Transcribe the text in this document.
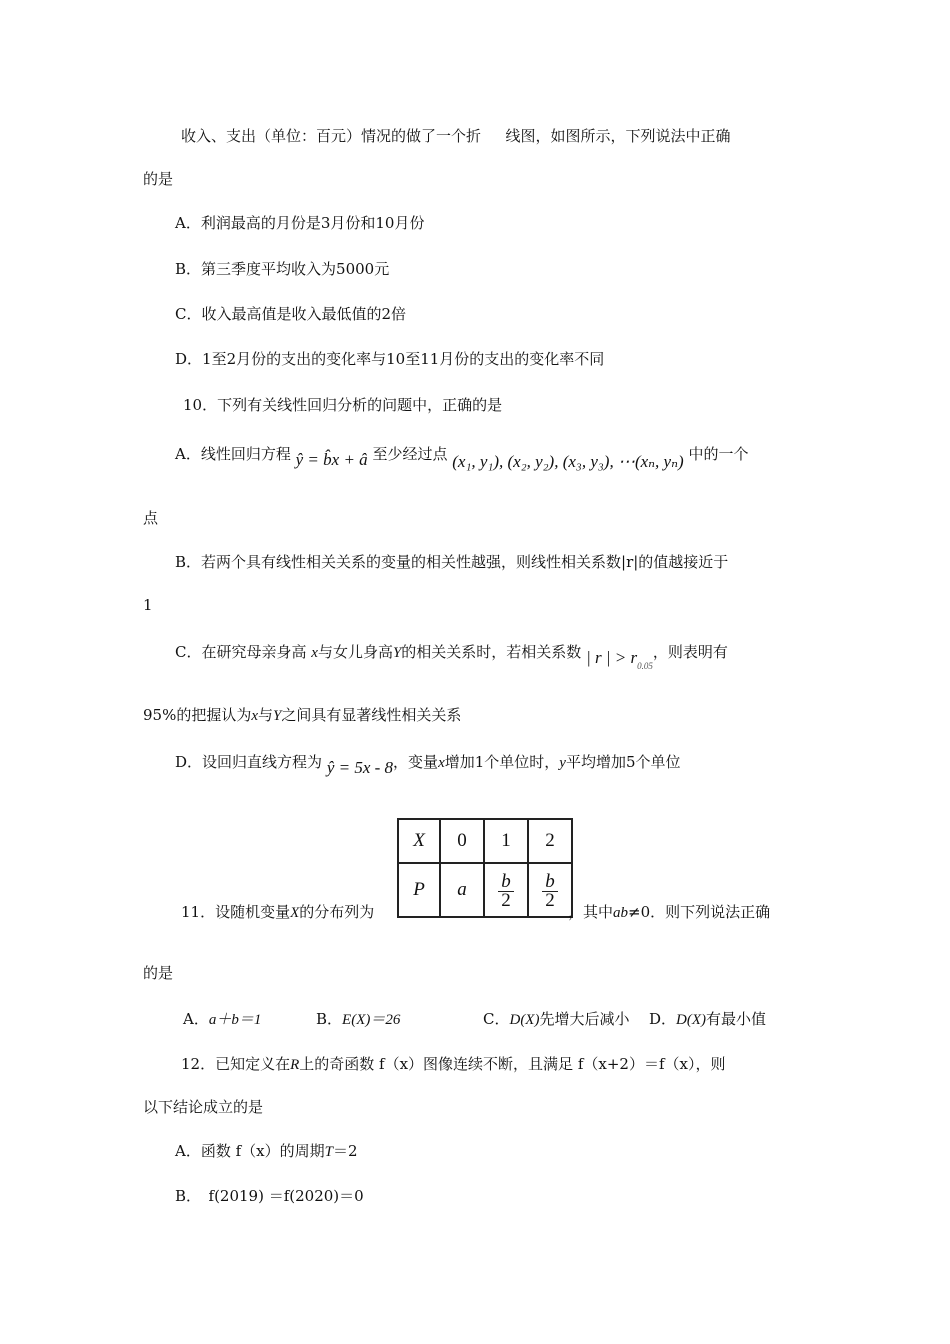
收入、支出（单位：百元）情况的做了一个折 　 线图，如图所示，下列说法中正确
的是
A．利润最高的月份是3月份和10月份
B．第三季度平均收入为5000元
C．收入最高值是收入最低值的2倍
D．1至2月份的支出的变化率与10至11月份的支出的变化率不同
10．下列有关线性回归分析的问题中，正确的是
A．线性回归方程 ŷ = b̂x + â 至少经过点 (x₁, y₁), (x₂, y₂), (x₃, y₃), ⋯(xₙ, yₙ) 中的一个
点
B．若两个具有线性相关关系的变量的相关性越强，则线性相关系数|r|的值越接近于
1
C．在研究母亲身高 x与女儿身高Y的相关关系时，若相关系数 | r | > $r_{0.05}$，则表明有
95%的把握认为x与Y之间具有显著线性相关关系
D．设回归直线方程为 ŷ = 5x - 8，变量x增加1个单位时，y平均增加5个单位
X	0	1	2
P	a	$\frac{b}{2}$	$\frac{b}{2}$
11．设随机变量X的分布列为	，其中ab≠0．则下列说法正确
的是
A．a＋b＝1	B．E(X)＝26	C．D(X)先增大后减小 D．D(X)有最小值
12．已知定义在R上的奇函数 f（x）图像连续不断，且满足 f（x+2）＝f（x），则
以下结论成立的是
A．函数 f（x）的周期T＝2
B．　f(2019) ＝f(2020)＝0
